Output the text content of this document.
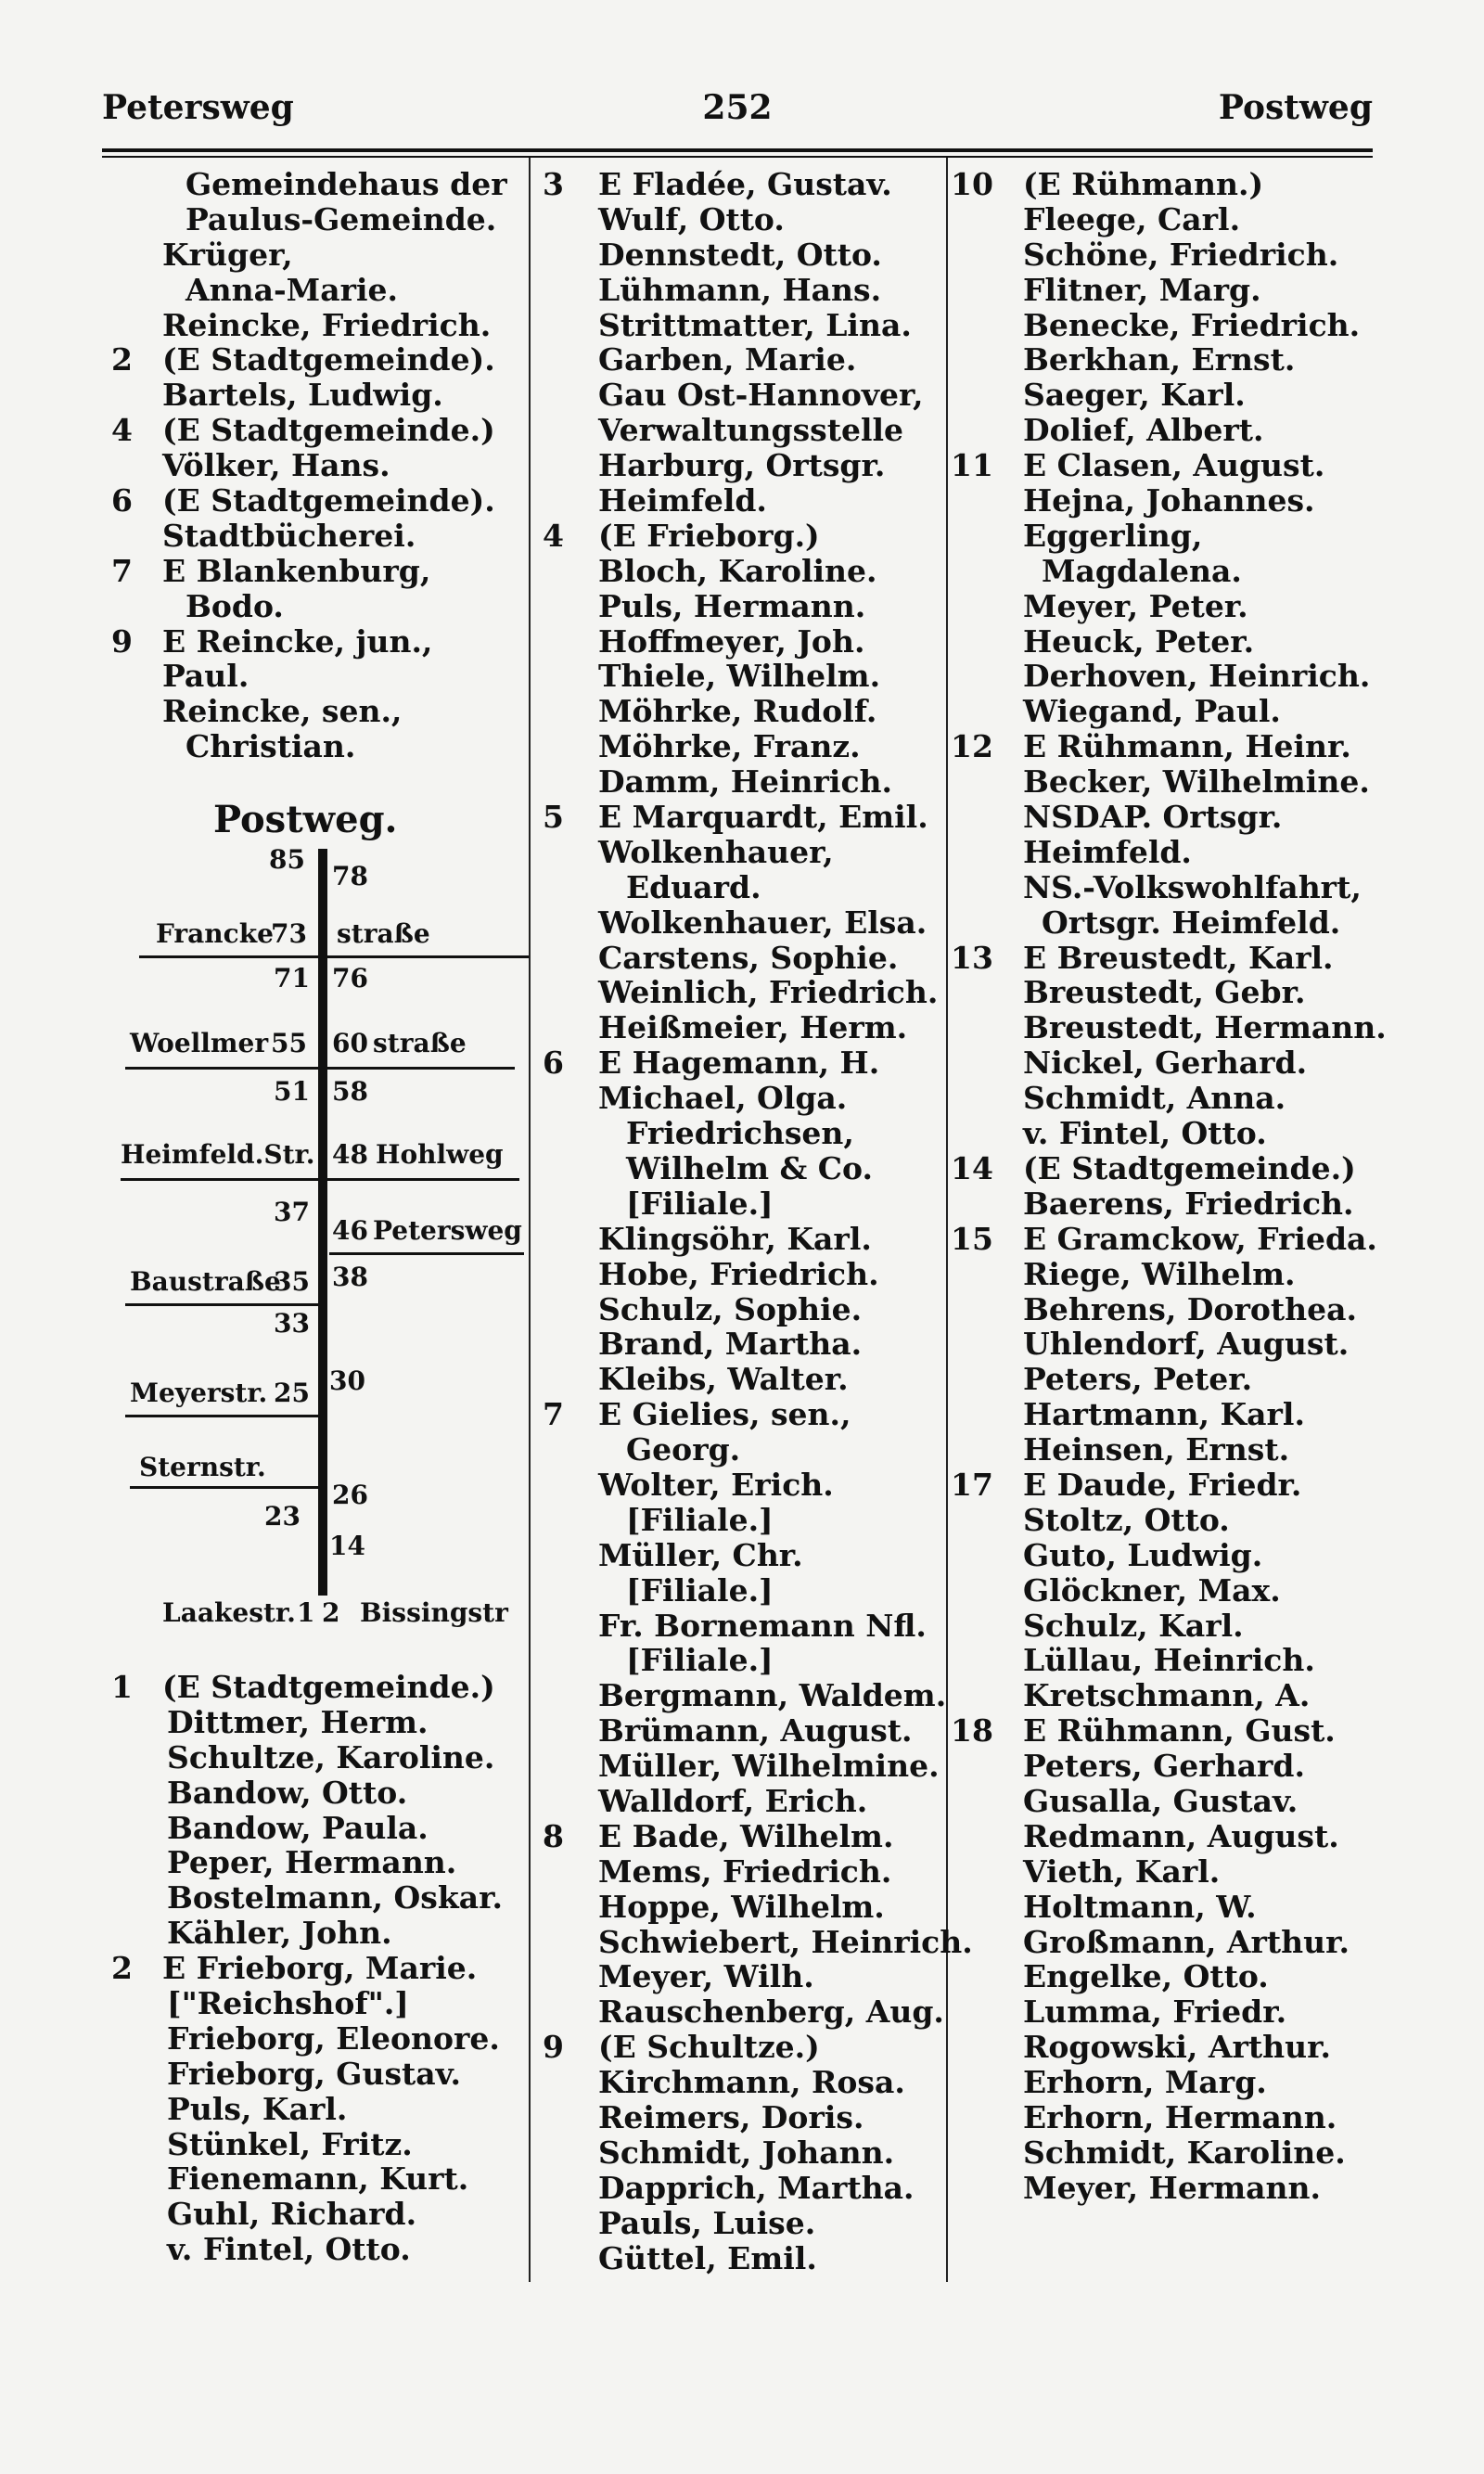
Petersweg	252	Postweg
Gemeindehaus der
Paulus-Gemeinde.
Krüger,
Anna-Marie.
Reincke, Friedrich.
2 (E Stadtgemeinde).
Bartels, Ludwig.
4 (E Stadtgemeinde.)
Völker, Hans.
6 (E Stadtgemeinde).
Stadtbücherei.
7 E Blankenburg,
Bodo.
9 E Reincke, jun.,
Paul.
Reincke, sen.,
Christian.
Postweg.
85
78
Francke
73 straße
71 76
Woellmer 55 60 straße
51 58
Heimfeld.Str. 48 Hohlweg
37
46 Petersweg
Baustraße
35 38
33
Meyerstr. 25 30
Sternstr.
26
23
14
Laakestr. 1 2 Bissingstr
1 (E Stadtgemeinde.)
Dittmer, Herm.
Schultze, Karoline.
Bandow, Otto.
Bandow, Paula.
Peper, Hermann.
Bostelmann, Oskar.
Kähler, John.
2 E Frieborg, Marie.
["Reichshof".]
Frieborg, Eleonore.
Frieborg, Gustav.
Puls, Karl.
Stünkel, Fritz.
Fienemann, Kurt.
Guhl, Richard.
v. Fintel, Otto.
3 E Fladée, Gustav.
Wulf, Otto.
Dennstedt, Otto.
Lühmann, Hans.
Strittmatter, Lina.
Garben, Marie.
Gau Ost-Hannover,
Verwaltungsstelle
Harburg, Ortsgr.
Heimfeld.
4 (E Frieborg.)
Bloch, Karoline.
Puls, Hermann.
Hoffmeyer, Joh.
Thiele, Wilhelm.
Möhrke, Rudolf.
Möhrke, Franz.
Damm, Heinrich.
5 E Marquardt, Emil.
Wolkenhauer,
Eduard.
Wolkenhauer, Elsa.
Carstens, Sophie.
Weinlich, Friedrich.
Heißmeier, Herm.
6 E Hagemann, H.
Michael, Olga.
Friedrichsen,
Wilhelm & Co.
[Filiale.]
Klingsöhr, Karl.
Hobe, Friedrich.
Schulz, Sophie.
Brand, Martha.
Kleibs, Walter.
7 E Gielies, sen.,
Georg.
Wolter, Erich.
[Filiale.]
Müller, Chr.
[Filiale.]
Fr. Bornemann Nfl.
[Filiale.]
Bergmann, Waldem.
Brümann, August.
Müller, Wilhelmine.
Walldorf, Erich.
8 E Bade, Wilhelm.
Mems, Friedrich.
Hoppe, Wilhelm.
Schwiebert, Heinrich.
Meyer, Wilh.
Rauschenberg, Aug.
9 (E Schultze.)
Kirchmann, Rosa.
Reimers, Doris.
Schmidt, Johann.
Dapprich, Martha.
Pauls, Luise.
Güttel, Emil.
10 (E Rühmann.)
Fleege, Carl.
Schöne, Friedrich.
Flitner, Marg.
Benecke, Friedrich.
Berkhan, Ernst.
Saeger, Karl.
Dolief, Albert.
11 E Clasen, August.
Hejna, Johannes.
Eggerling,
Magdalena.
Meyer, Peter.
Heuck, Peter.
Derhoven, Heinrich.
Wiegand, Paul.
12 E Rühmann, Heinr.
Becker, Wilhelmine.
NSDAP. Ortsgr.
Heimfeld.
NS.-Volkswohlfahrt,
Ortsgr. Heimfeld.
13 E Breustedt, Karl.
Breustedt, Gebr.
Breustedt, Hermann.
Nickel, Gerhard.
Schmidt, Anna.
v. Fintel, Otto.
14 (E Stadtgemeinde.)
Baerens, Friedrich.
15 E Gramckow, Frieda.
Riege, Wilhelm.
Behrens, Dorothea.
Uhlendorf, August.
Peters, Peter.
Hartmann, Karl.
Heinsen, Ernst.
17 E Daude, Friedr.
Stoltz, Otto.
Guto, Ludwig.
Glöckner, Max.
Schulz, Karl.
Lüllau, Heinrich.
Kretschmann, A.
18 E Rühmann, Gust.
Peters, Gerhard.
Gusalla, Gustav.
Redmann, August.
Vieth, Karl.
Holtmann, W.
Großmann, Arthur.
Engelke, Otto.
Lumma, Friedr.
Rogowski, Arthur.
Erhorn, Marg.
Erhorn, Hermann.
Schmidt, Karoline.
Meyer, Hermann.
